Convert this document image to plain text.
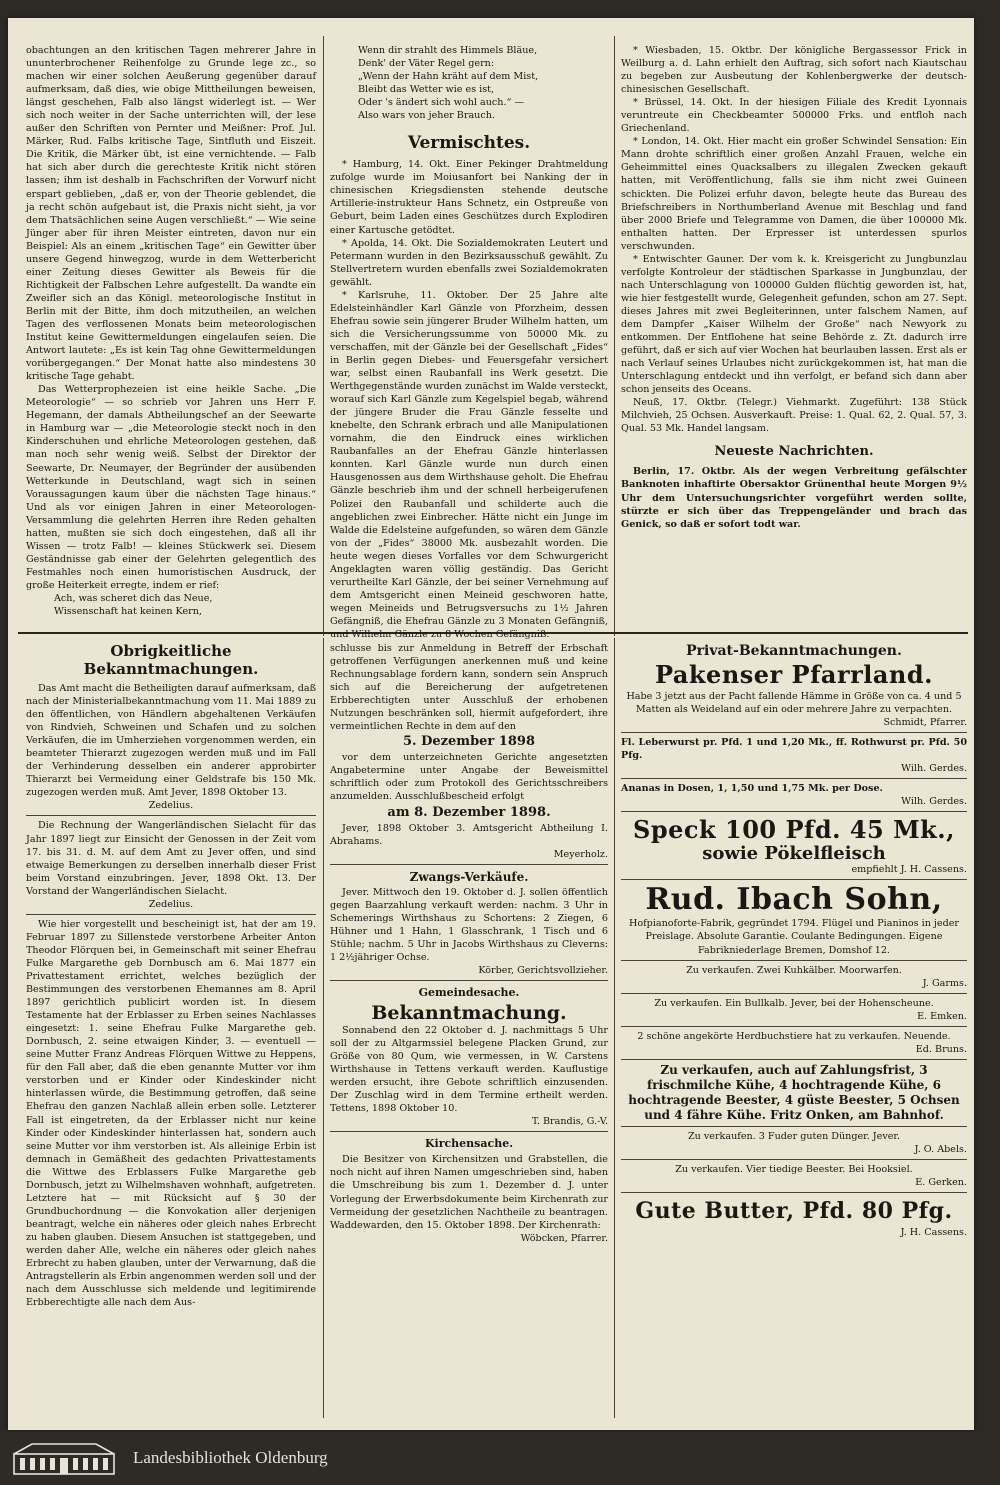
obachtungen an den kritischen Tagen mehrerer Jahre in ununterbrochener Reihenfolge zu Grunde lege zc., so machen wir einer solchen Aeußerung gegenüber darauf aufmerksam, daß dies, wie obige Mittheilungen beweisen, längst geschehen, Falb also längst widerlegt ist. — Wer sich noch weiter in der Sache unterrichten will, der lese außer den Schriften von Pernter und Meißner: Prof. Jul. Märker, Rud. Falbs kritische Tage, Sintfluth und Eiszeit. Die Kritik, die Märker übt, ist eine vernichtende. — Falb hat sich aber durch die gerechteste Kritik nicht stören lassen; ihm ist deshalb in Fachschriften der Vorwurf nicht erspart geblieben, „daß er, von der Theorie geblendet, die ja recht schön aufgebaut ist, die Praxis nicht sieht, ja vor dem Thatsächlichen seine Augen verschließt.“ — Wie seine Jünger aber für ihren Meister eintreten, davon nur ein Beispiel: Als an einem „kritischen Tage“ ein Gewitter über unsere Gegend hinwegzog, wurde in dem Wetterbericht einer Zeitung dieses Gewitter als Beweis für die Richtigkeit der Falbschen Lehre aufgestellt. Da wandte ein Zweifler sich an das Königl. meteorologische Institut in Berlin mit der Bitte, ihm doch mitzutheilen, an welchen Tagen des verflossenen Monats beim meteorologischen Institut keine Gewittermeldungen eingelaufen seien. Die Antwort lautete: „Es ist kein Tag ohne Gewittermeldungen vorübergegangen.“ Der Monat hatte also mindestens 30 kritische Tage gehabt.

Das Wetterprophezeien ist eine heikle Sache. „Die Meteorologie“ — so schrieb vor Jahren uns Herr F. Hegemann, der damals Abtheilungschef an der Seewarte in Hamburg war — „die Meteorologie steckt noch in den Kinderschuhen und ehrliche Meteorologen gestehen, daß man noch sehr wenig weiß. Selbst der Direktor der Seewarte, Dr. Neumayer, der Begründer der ausübenden Wetterkunde in Deutschland, wagt sich in seinen Voraussagungen kaum über die nächsten Tage hinaus.“ Und als vor einigen Jahren in einer Meteorologen-Versammlung die gelehrten Herren ihre Reden gehalten hatten, mußten sie sich doch eingestehen, daß all ihr Wissen — trotz Falb! — kleines Stückwerk sei. Diesem Geständnisse gab einer der Gelehrten gelegentlich des Festmahles noch einen humoristischen Ausdruck, der große Heiterkeit erregte, indem er rief:

Ach, was scheret dich das Neue,

Wissenschaft hat keinen Kern,

Wenn dir strahlt des Himmels Bläue,

Denk' der Väter Regel gern:

„Wenn der Hahn kräht auf dem Mist,

Bleibt das Wetter wie es ist,

Oder 's ändert sich wohl auch.“ —

Also wars von jeher Brauch.

Vermischtes.

* Hamburg, 14. Okt. Einer Pekinger Drahtmeldung zufolge wurde im Moiusanfort bei Nanking der in chinesischen Kriegsdiensten stehende deutsche Artillerie-instrukteur Hans Schnetz, ein Ostpreuße von Geburt, beim Laden eines Geschützes durch Explodiren einer Kartusche getödtet.

* Apolda, 14. Okt. Die Sozialdemokraten Leutert und Petermann wurden in den Bezirksausschuß gewählt. Zu Stellvertretern wurden ebenfalls zwei Sozialdemokraten gewählt.

* Karlsruhe, 11. Oktober. Der 25 Jahre alte Edelsteinhändler Karl Gänzle von Pforzheim, dessen Ehefrau sowie sein jüngerer Bruder Wilhelm hatten, um sich die Versicherungssumme von 50000 Mk. zu verschaffen, mit der Gänzle bei der Gesellschaft „Fides“ in Berlin gegen Diebes- und Feuersgefahr versichert war, selbst einen Raubanfall ins Werk gesetzt. Die Werthgegenstände wurden zunächst im Walde versteckt, worauf sich Karl Gänzle zum Kegelspiel begab, während der jüngere Bruder die Frau Gänzle fesselte und knebelte, den Schrank erbrach und alle Manipulationen vornahm, die den Eindruck eines wirklichen Raubanfalles an der Ehefrau Gänzle hinterlassen konnten. Karl Gänzle wurde nun durch einen Hausgenossen aus dem Wirthshause geholt. Die Ehefrau Gänzle beschrieb ihm und der schnell herbeigerufenen Polizei den Raubanfall und schilderte auch die angeblichen zwei Einbrecher. Hätte nicht ein Junge im Walde die Edelsteine aufgefunden, so wären dem Gänzle von der „Fides“ 38000 Mk. ausbezahlt worden. Die heute wegen dieses Vorfalles vor dem Schwurgericht Angeklagten waren völlig geständig. Das Gericht verurtheilte Karl Gänzle, der bei seiner Vernehmung auf dem Amtsgericht einen Meineid geschworen hatte, wegen Meineids und Betrugsversuchs zu 1½ Jahren Gefängniß, die Ehefrau Gänzle zu 3 Monaten Gefängniß, und Wilhelm Gänzle zu 8 Wochen Gefängniß.

* Wiesbaden, 15. Oktbr. Der königliche Bergassessor Frick in Weilburg a. d. Lahn erhielt den Auftrag, sich sofort nach Kiautschau zu begeben zur Ausbeutung der Kohlenbergwerke der deutsch-chinesischen Gesellschaft.

* Brüssel, 14. Okt. In der hiesigen Filiale des Kredit Lyonnais veruntreute ein Checkbeamter 500000 Frks. und entfloh nach Griechenland.

* London, 14. Okt. Hier macht ein großer Schwindel Sensation: Ein Mann drohte schriftlich einer großen Anzahl Frauen, welche ein Geheimmittel eines Quacksalbers zu illegalen Zwecken gekauft hatten, mit Veröffentlichung, falls sie ihm nicht zwei Guineen schickten. Die Polizei erfuhr davon, belegte heute das Bureau des Briefschreibers in Northumberland Avenue mit Beschlag und fand über 2000 Briefe und Telegramme von Damen, die über 100000 Mk. enthalten hatten. Der Erpresser ist unterdessen spurlos verschwunden.

* Entwischter Gauner. Der vom k. k. Kreisgericht zu Jungbunzlau verfolgte Kontroleur der städtischen Sparkasse in Jungbunzlau, der nach Unterschlagung von 100000 Gulden flüchtig geworden ist, hat, wie hier festgestellt wurde, Gelegenheit gefunden, schon am 27. Sept. dieses Jahres mit zwei Begleiterinnen, unter falschem Namen, auf dem Dampfer „Kaiser Wilhelm der Große“ nach Newyork zu entkommen. Der Entflohene hat seine Behörde z. Zt. dadurch irre geführt, daß er sich auf vier Wochen hat beurlauben lassen. Erst als er nach Verlauf seines Urlaubes nicht zurückgekommen ist, hat man die Unterschlagung entdeckt und ihn verfolgt, er befand sich dann aber schon jenseits des Oceans.

Neuß, 17. Oktbr. (Telegr.) Viehmarkt. Zugeführt: 138 Stück Milchvieh, 25 Ochsen. Ausverkauft. Preise: 1. Qual. 62, 2. Qual. 57, 3. Qual. 53 Mk. Handel langsam.

Neueste Nachrichten.

Berlin, 17. Oktbr. Als der wegen Verbreitung gefälschter Banknoten inhaftirte Obersaktor Grünenthal heute Morgen 9½ Uhr dem Untersuchungsrichter vorgeführt werden sollte, stürzte er sich über das Treppengeländer und brach das Genick, so daß er sofort todt war.

Obrigkeitliche Bekanntmachungen.

Das Amt macht die Betheiligten darauf aufmerksam, daß nach der Ministerialbekanntmachung vom 11. Mai 1889 zu den öffentlichen, von Händlern abgehaltenen Verkäufen von Rindvieh, Schweinen und Schafen und zu solchen Verkäufen, die im Umherziehen vorgenommen werden, ein beamteter Thierarzt zugezogen werden muß und im Fall der Verhinderung desselben ein anderer approbirter Thierarzt bei Vermeidung einer Geldstrafe bis 150 Mk. zugezogen werden muß. Amt Jever, 1898 Oktober 13.

Zedelius.

Die Rechnung der Wangerländischen Sielacht für das Jahr 1897 liegt zur Einsicht der Genossen in der Zeit vom 17. bis 31. d. M. auf dem Amt zu Jever offen, und sind etwaige Bemerkungen zu derselben innerhalb dieser Frist beim Vorstand einzubringen. Jever, 1898 Okt. 13. Der Vorstand der Wangerländischen Sielacht.

Zedelius.

Wie hier vorgestellt und bescheinigt ist, hat der am 19. Februar 1897 zu Sillenstede verstorbene Arbeiter Anton Theodor Flörquen bei, in Gemeinschaft mit seiner Ehefrau Fulke Margarethe geb Dornbusch am 6. Mai 1877 ein Privattestament errichtet, welches bezüglich der Bestimmungen des verstorbenen Ehemannes am 8. April 1897 gerichtlich publicirt worden ist. In diesem Testamente hat der Erblasser zu Erben seines Nachlasses eingesetzt: 1. seine Ehefrau Fulke Margarethe geb. Dornbusch, 2. seine etwaigen Kinder, 3. — eventuell — seine Mutter Franz Andreas Flörquen Wittwe zu Heppens, für den Fall aber, daß die eben genannte Mutter vor ihm verstorben und er Kinder oder Kindeskinder nicht hinterlassen würde, die Bestimmung getroffen, daß seine Ehefrau den ganzen Nachlaß allein erben solle. Letzterer Fall ist eingetreten, da der Erblasser nicht nur keine Kinder oder Kindeskinder hinterlassen hat, sondern auch seine Mutter vor ihm verstorben ist. Als alleinige Erbin ist demnach in Gemäßheit des gedachten Privattestaments die Wittwe des Erblassers Fulke Margarethe geb Dornbusch, jetzt zu Wilhelmshaven wohnhaft, aufgetreten. Letztere hat — mit Rücksicht auf § 30 der Grundbuchordnung — die Konvokation aller derjenigen beantragt, welche ein näheres oder gleich nahes Erbrecht zu haben glauben. Diesem Ansuchen ist stattgegeben, und werden daher Alle, welche ein näheres oder gleich nahes Erbrecht zu haben glauben, unter der Verwarnung, daß die Antragstellerin als Erbin angenommen werden soll und der nach dem Ausschlusse sich meldende und legitimirende Erbberechtigte alle nach dem Aus-

schlusse bis zur Anmeldung in Betreff der Erbschaft getroffenen Verfügungen anerkennen muß und keine Rechnungsablage fordern kann, sondern sein Anspruch sich auf die Bereicherung der aufgetretenen Erbberechtigten unter Ausschluß der erhobenen Nutzungen beschränken soll, hiermit aufgefordert, ihre vermeintlichen Rechte in dem auf den

5. Dezember 1898

vor dem unterzeichneten Gerichte angesetzten Angabetermine unter Angabe der Beweismittel schriftlich oder zum Protokoll des Gerichtsschreibers anzumelden. Ausschlußbescheid erfolgt

am 8. Dezember 1898.

Jever, 1898 Oktober 3. Amtsgericht Abtheilung I. Abrahams.

Meyerholz.

Zwangs-Verkäufe.

Jever. Mittwoch den 19. Oktober d. J. sollen öffentlich gegen Baarzahlung verkauft werden: nachm. 3 Uhr in Schemerings Wirthshaus zu Schortens: 2 Ziegen, 6 Hühner und 1 Hahn, 1 Glasschrank, 1 Tisch und 6 Stühle; nachm. 5 Uhr in Jacobs Wirthshaus zu Cleverns: 1 2½jähriger Ochse.

Körber, Gerichtsvollzieher.

Gemeindesache.
Bekanntmachung.

Sonnabend den 22 Oktober d. J. nachmittags 5 Uhr soll der zu Altgarmssiel belegene Placken Grund, zur Größe von 80 Qum, wie vermessen, in W. Carstens Wirthshause in Tettens verkauft werden. Kauflustige werden ersucht, ihre Gebote schriftlich einzusenden. Der Zuschlag wird in dem Termine ertheilt werden. Tettens, 1898 Oktober 10.

T. Brandis, G.-V.

Kirchensache.

Die Besitzer von Kirchensitzen und Grabstellen, die noch nicht auf ihren Namen umgeschrieben sind, haben die Umschreibung bis zum 1. Dezember d. J. unter Vorlegung der Erwerbsdokumente beim Kirchenrath zur Vermeidung der gesetzlichen Nachtheile zu beantragen. Waddewarden, den 15. Oktober 1898. Der Kirchenrath:

Wöbcken, Pfarrer.

Privat-Bekanntmachungen.
Pakenser Pfarrland.

Habe 3 jetzt aus der Pacht fallende Hämme in Größe von ca. 4 und 5 Matten als Weideland auf ein oder mehrere Jahre zu verpachten.

Schmidt, Pfarrer.

Fl. Leberwurst pr. Pfd. 1 und 1,20 Mk., ff. Rothwurst pr. Pfd. 50 Pfg.

Wilh. Gerdes.

Ananas in Dosen, 1, 1,50 und 1,75 Mk. per Dose.

Wilh. Gerdes.

Speck 100 Pfd. 45 Mk.,
sowie Pökelfleisch

empfiehlt J. H. Cassens.

Rud. Ibach Sohn,

Hofpianoforte-Fabrik, gegründet 1794. Flügel und Pianinos in jeder Preislage. Absolute Garantie. Coulante Bedingungen. Eigene Fabrikniederlage Bremen, Domshof 12.

Zu verkaufen. Zwei Kuhkälber. Moorwarfen.

J. Garms.

Zu verkaufen. Ein Bullkalb. Jever, bei der Hohenscheune.

E. Emken.

2 schöne angekörte Herdbuchstiere hat zu verkaufen. Neuende.

Ed. Bruns.

Zu verkaufen, auch auf Zahlungsfrist, 3 frischmilche Kühe, 4 hochtragende Kühe, 6 hochtragende Beester, 4 güste Beester, 5 Ochsen und 4 fähre Kühe. Fritz Onken, am Bahnhof.

Zu verkaufen. 3 Fuder guten Dünger. Jever.

J. O. Abels.

Zu verkaufen. Vier tiedige Beester. Bei Hooksiel.

E. Gerken.

Gute Butter, Pfd. 80 Pfg.

J. H. Cassens.

Landesbibliothek Oldenburg
